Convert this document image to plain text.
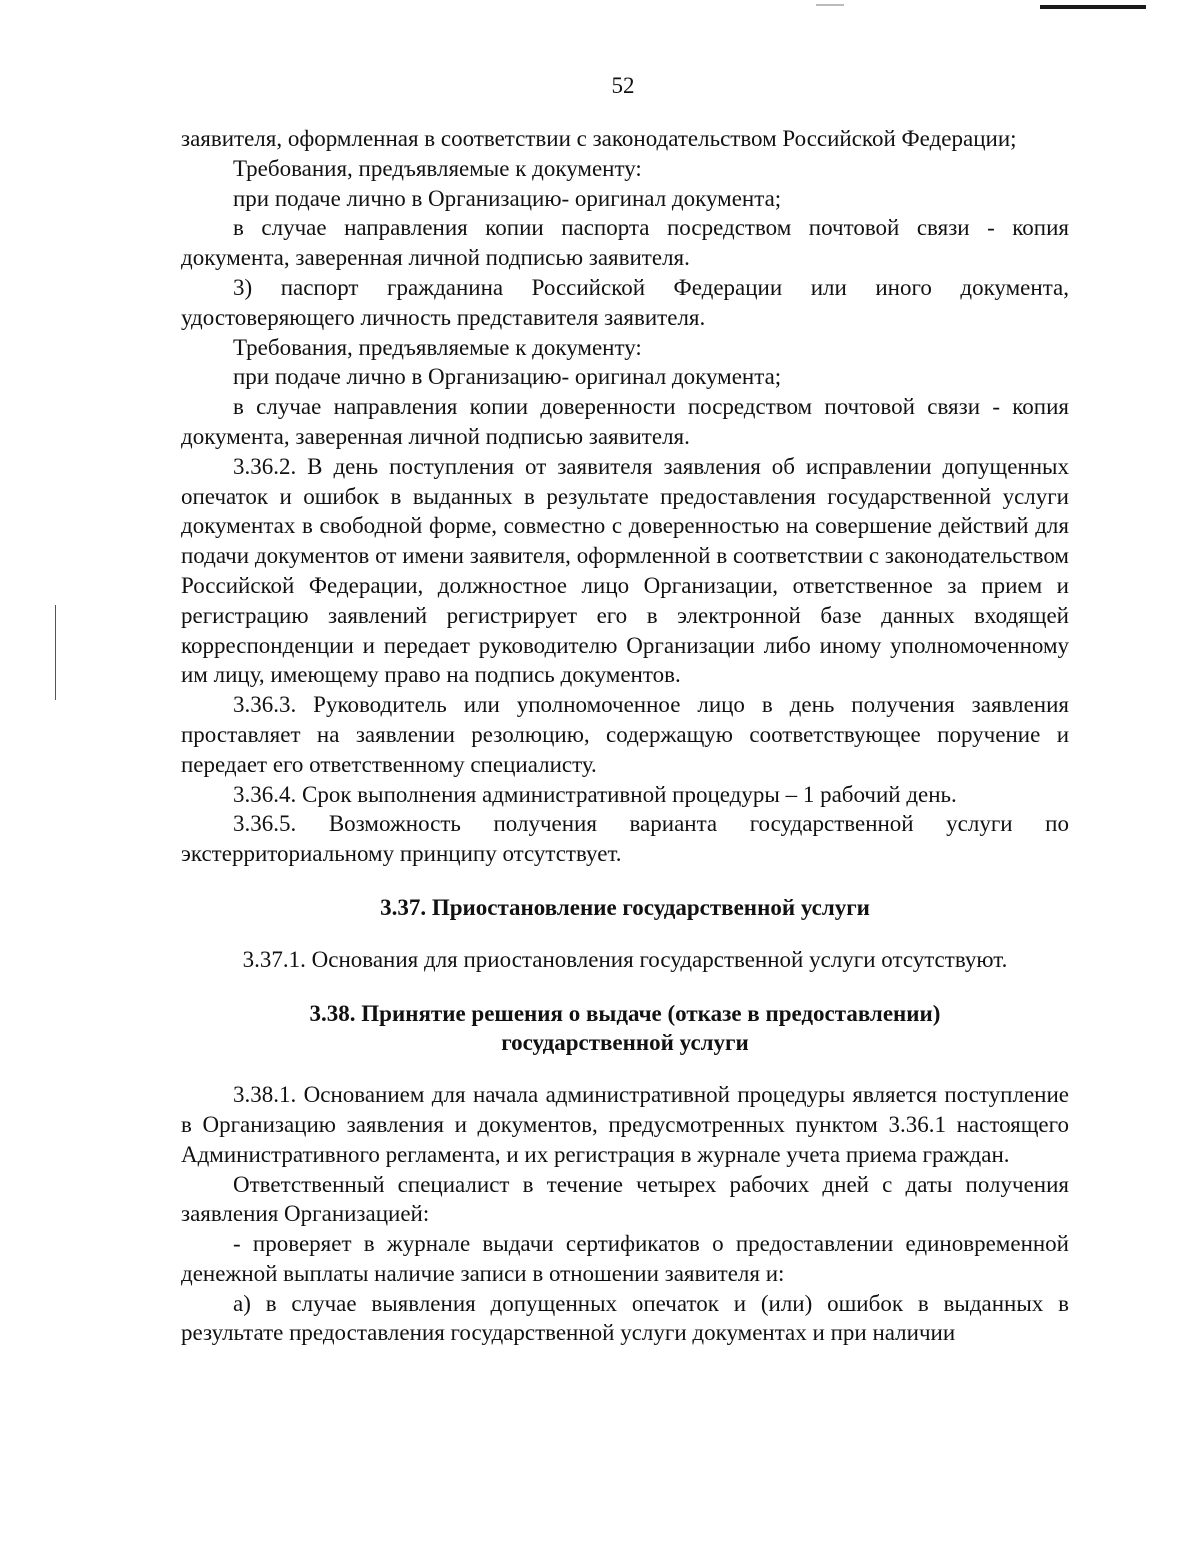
52

заявителя, оформленная в соответствии с законодательством Российской Федерации;

Требования, предъявляемые к документу:

при подаче лично в Организацию- оригинал документа;

в случае направления копии паспорта посредством почтовой связи - копия документа, заверенная личной подписью заявителя.

3) паспорт гражданина Российской Федерации или иного документа, удостоверяющего личность представителя заявителя.

Требования, предъявляемые к документу:

при подаче лично в Организацию- оригинал документа;

в случае направления копии доверенности посредством почтовой связи - копия документа, заверенная личной подписью заявителя.

3.36.2. В день поступления от заявителя заявления об исправлении допущенных опечаток и ошибок в выданных в результате предоставления государственной услуги документах в свободной форме, совместно с доверенностью на совершение действий для подачи документов от имени заявителя, оформленной в соответствии с законодательством Российской Федерации, должностное лицо Организации, ответственное за прием и регистрацию заявлений регистрирует его в электронной базе данных входящей корреспонденции и передает руководителю Организации либо иному уполномоченному им лицу, имеющему право на подпись документов.

3.36.3. Руководитель или уполномоченное лицо в день получения заявления проставляет на заявлении резолюцию, содержащую соответствующее поручение и передает его ответственному специалисту.

3.36.4. Срок выполнения административной процедуры – 1 рабочий день.

3.36.5. Возможность получения варианта государственной услуги по экстерриториальному принципу отсутствует.

3.37. Приостановление государственной услуги

3.37.1. Основания для приостановления государственной услуги отсутствуют.

3.38. Принятие решения о выдаче (отказе в предоставлении)

государственной услуги

3.38.1. Основанием для начала административной процедуры является поступление в Организацию заявления и документов, предусмотренных пунктом 3.36.1 настоящего Административного регламента, и их регистрация в журнале учета приема граждан.

Ответственный специалист в течение четырех рабочих дней с даты получения заявления Организацией:

- проверяет в журнале выдачи сертификатов о предоставлении единовременной денежной выплаты наличие записи в отношении заявителя и:

а) в случае выявления допущенных опечаток и (или) ошибок в выданных в результате предоставления государственной услуги документах и при наличии
